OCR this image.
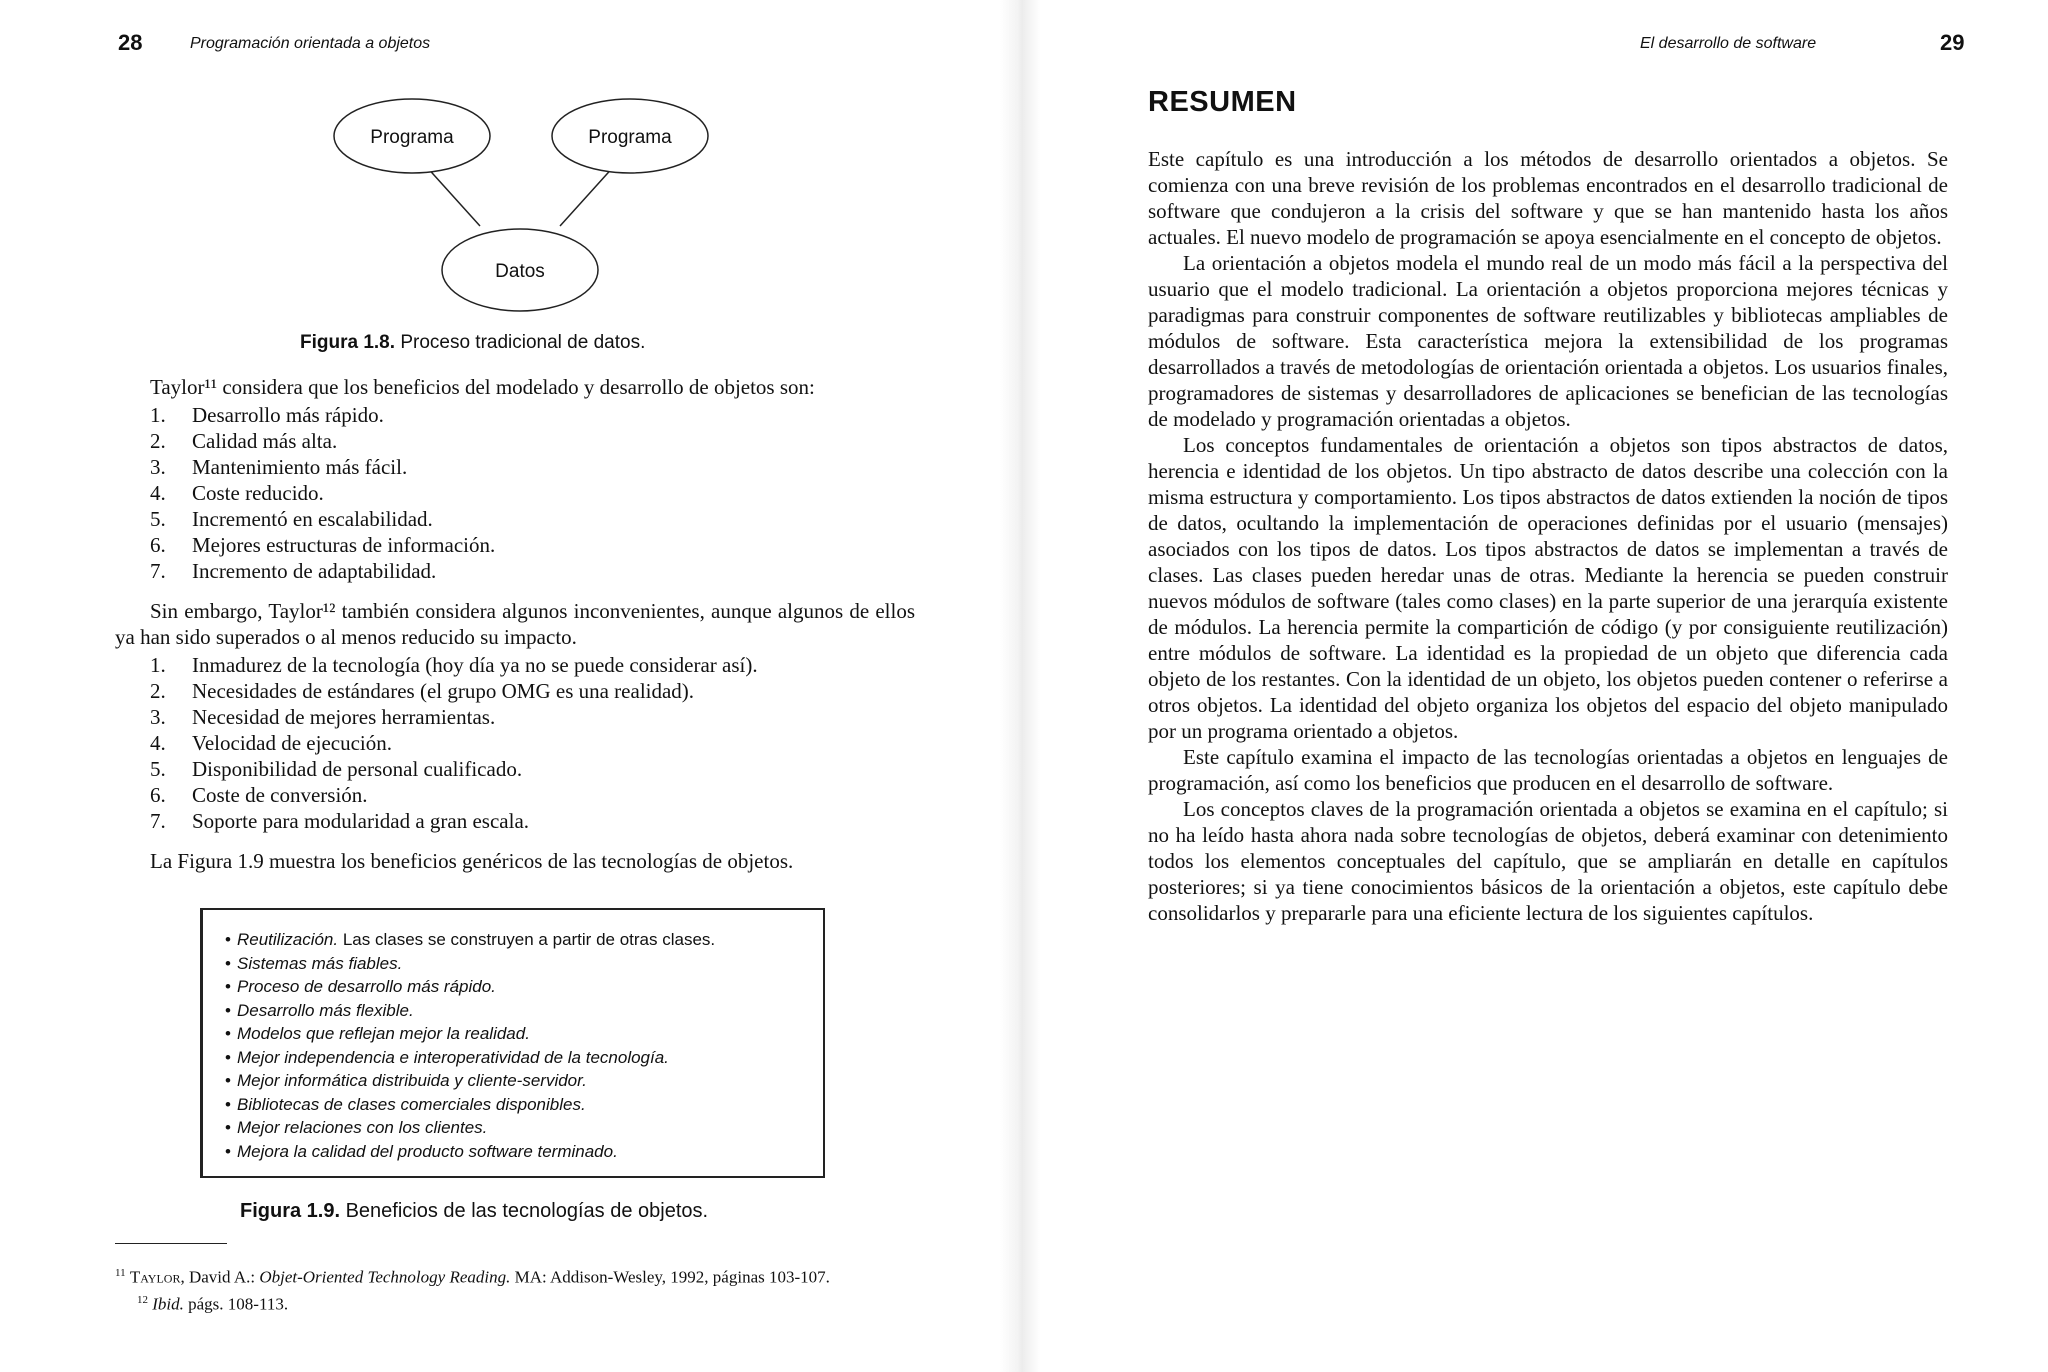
28	Programación orientada a objetos
Programa	Programa
Datos
Figura 1.8. Proceso tradicional de datos.
Taylor¹¹ considera que los beneficios del modelado y desarrollo de objetos son:
1.	Desarrollo más rápido.
2.	Calidad más alta.
3.	Mantenimiento más fácil.
4.	Coste reducido.
5.	Incrementó en escalabilidad.
6.	Mejores estructuras de información.
7.	Incremento de adaptabilidad.
Sin embargo, Taylor¹² también considera algunos inconvenientes, aunque algunos de ellos ya han sido superados o al menos reducido su impacto.
1.	Inmadurez de la tecnología (hoy día ya no se puede considerar así).
2.	Necesidades de estándares (el grupo OMG es una realidad).
3.	Necesidad de mejores herramientas.
4.	Velocidad de ejecución.
5.	Disponibilidad de personal cualificado.
6.	Coste de conversión.
7.	Soporte para modularidad a gran escala.
La Figura 1.9 muestra los beneficios genéricos de las tecnologías de objetos.
• Reutilización. Las clases se construyen a partir de otras clases.
• Sistemas más fiables.
• Proceso de desarrollo más rápido.
• Desarrollo más flexible.
• Modelos que reflejan mejor la realidad.
• Mejor independencia e interoperatividad de la tecnología.
• Mejor informática distribuida y cliente-servidor.
• Bibliotecas de clases comerciales disponibles.
• Mejor relaciones con los clientes.
• Mejora la calidad del producto software terminado.
Figura 1.9. Beneficios de las tecnologías de objetos.
$^{11}$ Taylor, David A.: Objet-Oriented Technology Reading. MA: Addison-Wesley, 1992, páginas 103-107.
$^{12}$ Ibid. págs. 108-113.
El desarrollo de software	29
RESUMEN

Este capítulo es una introducción a los métodos de desarrollo orientados a objetos. Se comienza con una breve revisión de los problemas encontrados en el desarrollo tradicional de software que condujeron a la crisis del software y que se han mantenido hasta los años actuales. El nuevo modelo de programación se apoya esencialmente en el concepto de objetos.

La orientación a objetos modela el mundo real de un modo más fácil a la perspectiva del usuario que el modelo tradicional. La orientación a objetos proporciona mejores técnicas y paradigmas para construir componentes de software reutilizables y bibliotecas ampliables de módulos de software. Esta característica mejora la extensibilidad de los programas desarrollados a través de metodologías de orientación orientada a objetos. Los usuarios finales, programadores de sistemas y desarrolladores de aplicaciones se benefician de las tecnologías de modelado y programación orientadas a objetos.

Los conceptos fundamentales de orientación a objetos son tipos abstractos de datos, herencia e identidad de los objetos. Un tipo abstracto de datos describe una colección con la misma estructura y comportamiento. Los tipos abstractos de datos extienden la noción de tipos de datos, ocultando la implementación de operaciones definidas por el usuario (mensajes) asociados con los tipos de datos. Los tipos abstractos de datos se implementan a través de clases. Las clases pueden heredar unas de otras. Mediante la herencia se pueden construir nuevos módulos de software (tales como clases) en la parte superior de una jerarquía existente de módulos. La herencia permite la compartición de código (y por consiguiente reutilización) entre módulos de software. La identidad es la propiedad de un objeto que diferencia cada objeto de los restantes. Con la identidad de un objeto, los objetos pueden contener o referirse a otros objetos. La identidad del objeto organiza los objetos del espacio del objeto manipulado por un programa orientado a objetos.

Este capítulo examina el impacto de las tecnologías orientadas a objetos en lenguajes de programación, así como los beneficios que producen en el desarrollo de software.

Los conceptos claves de la programación orientada a objetos se examina en el capítulo; si no ha leído hasta ahora nada sobre tecnologías de objetos, deberá examinar con detenimiento todos los elementos conceptuales del capítulo, que se ampliarán en detalle en capítulos posteriores; si ya tiene conocimientos básicos de la orientación a objetos, este capítulo debe consolidarlos y prepararle para una eficiente lectura de los siguientes capítulos.
